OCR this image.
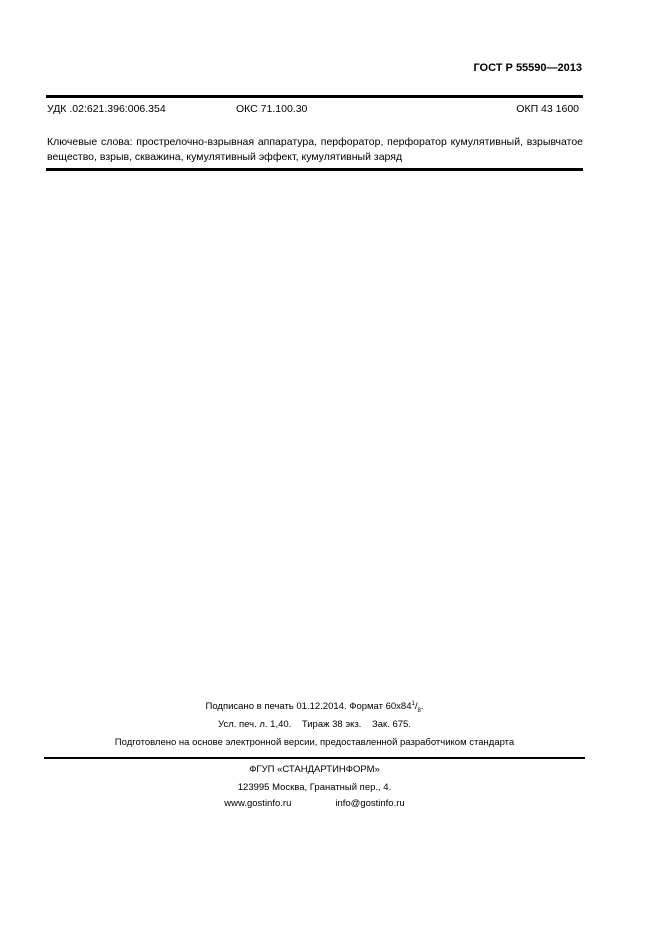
ГОСТ Р 55590—2013
УДК .02:621.396:006.354	ОКС 71.100.30	ОКП 43 1600
Ключевые слова: прострелочно-взрывная аппаратура, перфоратор, перфоратор кумулятивный, взрывчатое вещество, взрыв, скважина, кумулятивный эффект, кумулятивный заряд
Подписано в печать 01.12.2014. Формат $60х84^1/_8$.
Усл. печ. л. 1,40.    Тираж 38 экз.    Зак. 675.
Подготовлено на основе электронной версии, предоставленной разработчиком стандарта
ФГУП «СТАНДАРТИНФОРМ»
123995 Москва, Гранатный пер., 4.
www.gostinfo.ru	info@gostinfo.ru
